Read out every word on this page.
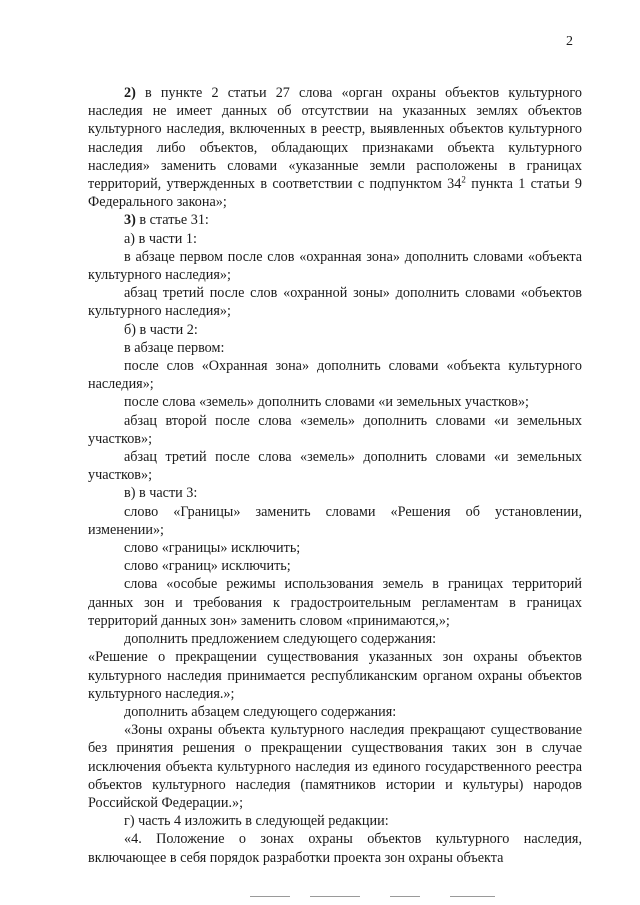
2

2) в пункте 2 статьи 27 слова «орган охраны объектов культурного наследия не имеет данных об отсутствии на указанных землях объектов культурного наследия, включенных в реестр, выявленных объектов культурного наследия либо объектов, обладающих признаками объекта культурного наследия» заменить словами «указанные земли расположены в границах территорий, утвержденных в соответствии с подпунктом $34^2$ пункта 1 статьи 9 Федерального закона»;

3) в статье 31:

а) в части 1:

в абзаце первом после слов «охранная зона» дополнить словами «объекта культурного наследия»;

абзац третий после слов «охранной зоны» дополнить словами «объектов культурного наследия»;

б) в части 2:

в абзаце первом:

после слов «Охранная зона» дополнить словами «объекта культурного наследия»;

после слова «земель» дополнить словами «и земельных участков»;

абзац второй после слова «земель» дополнить словами «и земельных участков»;

абзац третий после слова «земель» дополнить словами «и земельных участков»;

в) в части 3:

слово «Границы» заменить словами «Решения об установлении, изменении»;

слово «границы» исключить;

слово «границ» исключить;

слова «особые режимы использования земель в границах территорий данных зон и требования к градостроительным регламентам в границах территорий данных зон» заменить словом «принимаются,»;

дополнить предложением следующего содержания:

«Решение о прекращении существования указанных зон охраны объектов культурного наследия принимается республиканским органом охраны объектов культурного наследия.»;

дополнить абзацем следующего содержания:

«Зоны охраны объекта культурного наследия прекращают существование без принятия решения о прекращении существования таких зон в случае исключения объекта культурного наследия из единого государственного реестра объектов культурного наследия (памятников истории и культуры) народов Российской Федерации.»;

г) часть 4 изложить в следующей редакции:

«4. Положение о зонах охраны объектов культурного наследия, включающее в себя порядок разработки проекта зон охраны объекта
